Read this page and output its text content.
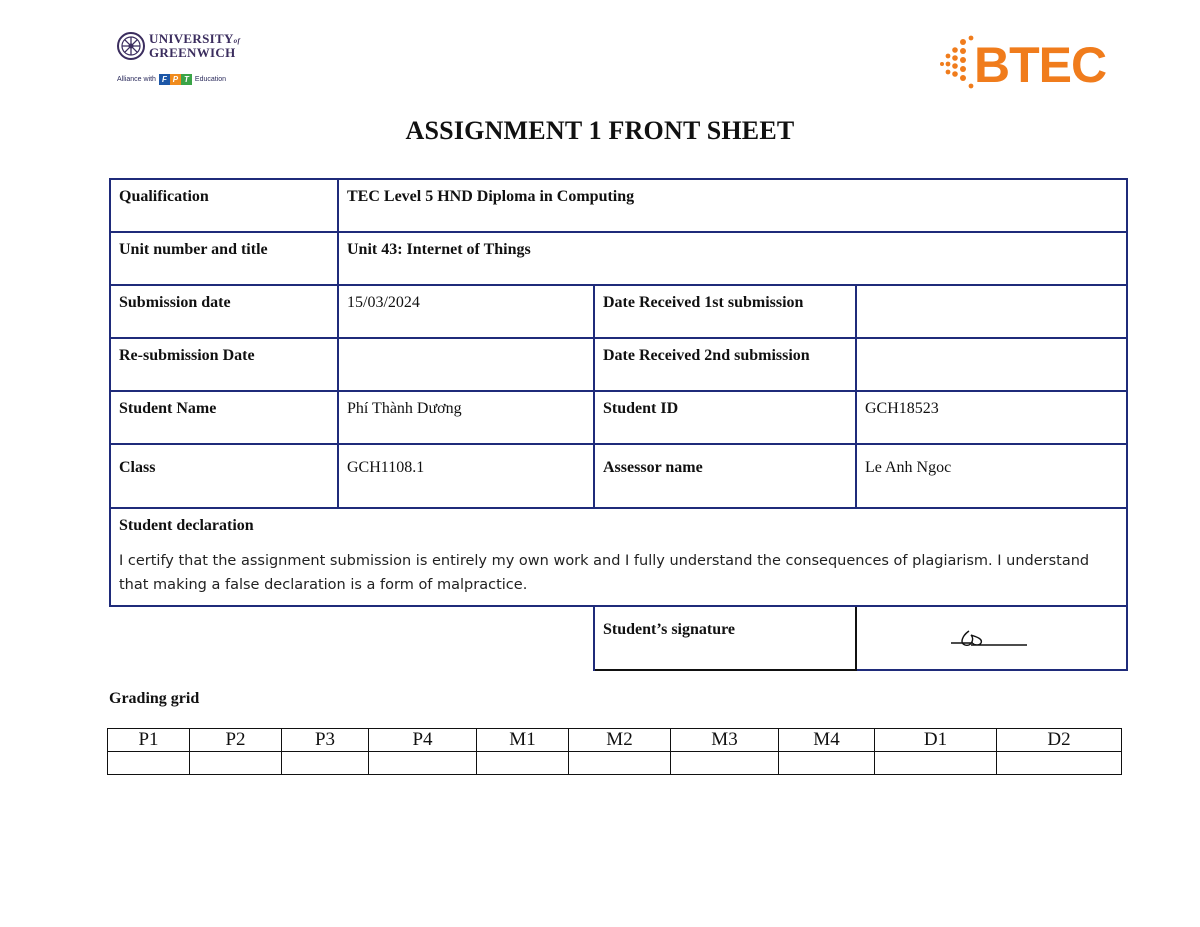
UNIVERSITYof
GREENWICH
Alliance with F P T Education	BTEC
ASSIGNMENT 1 FRONT SHEET
Qualification	TEC Level 5 HND Diploma in Computing		
Unit number and title	Unit 43: Internet of Things		
Submission date	15/03/2024	Date Received 1st submission	
Re-submission Date		Date Received 2nd submission	
Student Name	Phí Thành Dương	Student ID	GCH18523
Class	GCH1108.1	Assessor name	Le Anh Ngoc

Student declaration
I certify that the assignment submission is entirely my own work and I fully understand the consequences of plagiarism. I understand that making a false declaration is a form of malpractice.			

		Student’s signature	
Grading grid
P1	P2	P3	P4	M1	M2	M3	M4	D1	D2
